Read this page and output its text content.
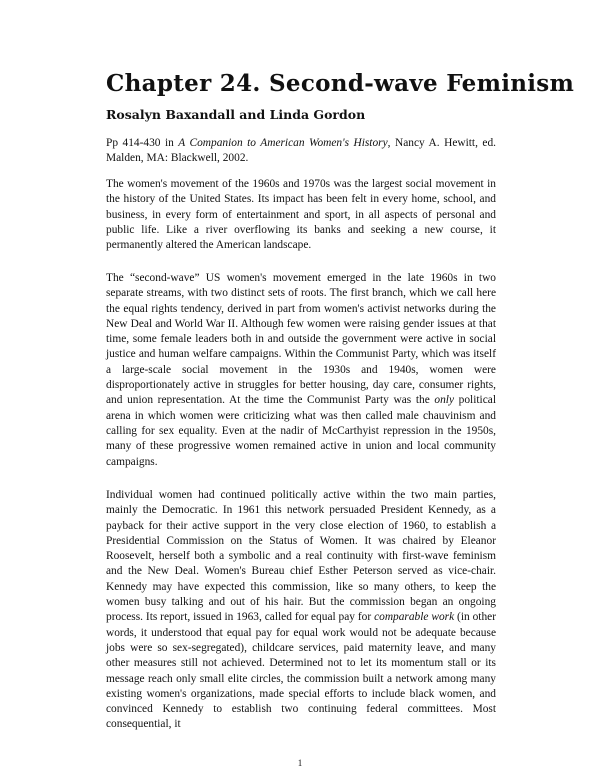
Chapter 24. Second-wave Feminism
Rosalyn Baxandall and Linda Gordon

Pp 414-430 in A Companion to American Women's History, Nancy A. Hewitt, ed. Malden, MA: Blackwell, 2002.

The women's movement of the 1960s and 1970s was the largest social movement in the history of the United States. Its impact has been felt in every home, school, and business, in every form of entertainment and sport, in all aspects of personal and public life. Like a river overflowing its banks and seeking a new course, it permanently altered the American landscape.

The “second-wave” US women's movement emerged in the late 1960s in two separate streams, with two distinct sets of roots. The first branch, which we call here the equal rights tendency, derived in part from women's activist networks during the New Deal and World War II. Although few women were raising gender issues at that time, some female leaders both in and outside the government were active in social justice and human welfare campaigns. Within the Communist Party, which was itself a large-scale social movement in the 1930s and 1940s, women were disproportionately active in struggles for better housing, day care, consumer rights, and union representation. At the time the Communist Party was the only political arena in which women were criticizing what was then called male chauvinism and calling for sex equality. Even at the nadir of McCarthyist repression in the 1950s, many of these progressive women remained active in union and local community campaigns.

Individual women had continued politically active within the two main parties, mainly the Democratic. In 1961 this network persuaded President Kennedy, as a payback for their active support in the very close election of 1960, to establish a Presidential Commission on the Status of Women. It was chaired by Eleanor Roosevelt, herself both a symbolic and a real continuity with first-wave feminism and the New Deal. Women's Bureau chief Esther Peterson served as vice-chair. Kennedy may have expected this commission, like so many others, to keep the women busy talking and out of his hair. But the commission began an ongoing process. Its report, issued in 1963, called for equal pay for comparable work (in other words, it understood that equal pay for equal work would not be adequate because jobs were so sex-segregated), childcare services, paid maternity leave, and many other measures still not achieved. Determined not to let its momentum stall or its message reach only small elite circles, the commission built a network among many existing women's organizations, made special efforts to include black women, and convinced Kennedy to establish two continuing federal committees. Most consequential, it

1
